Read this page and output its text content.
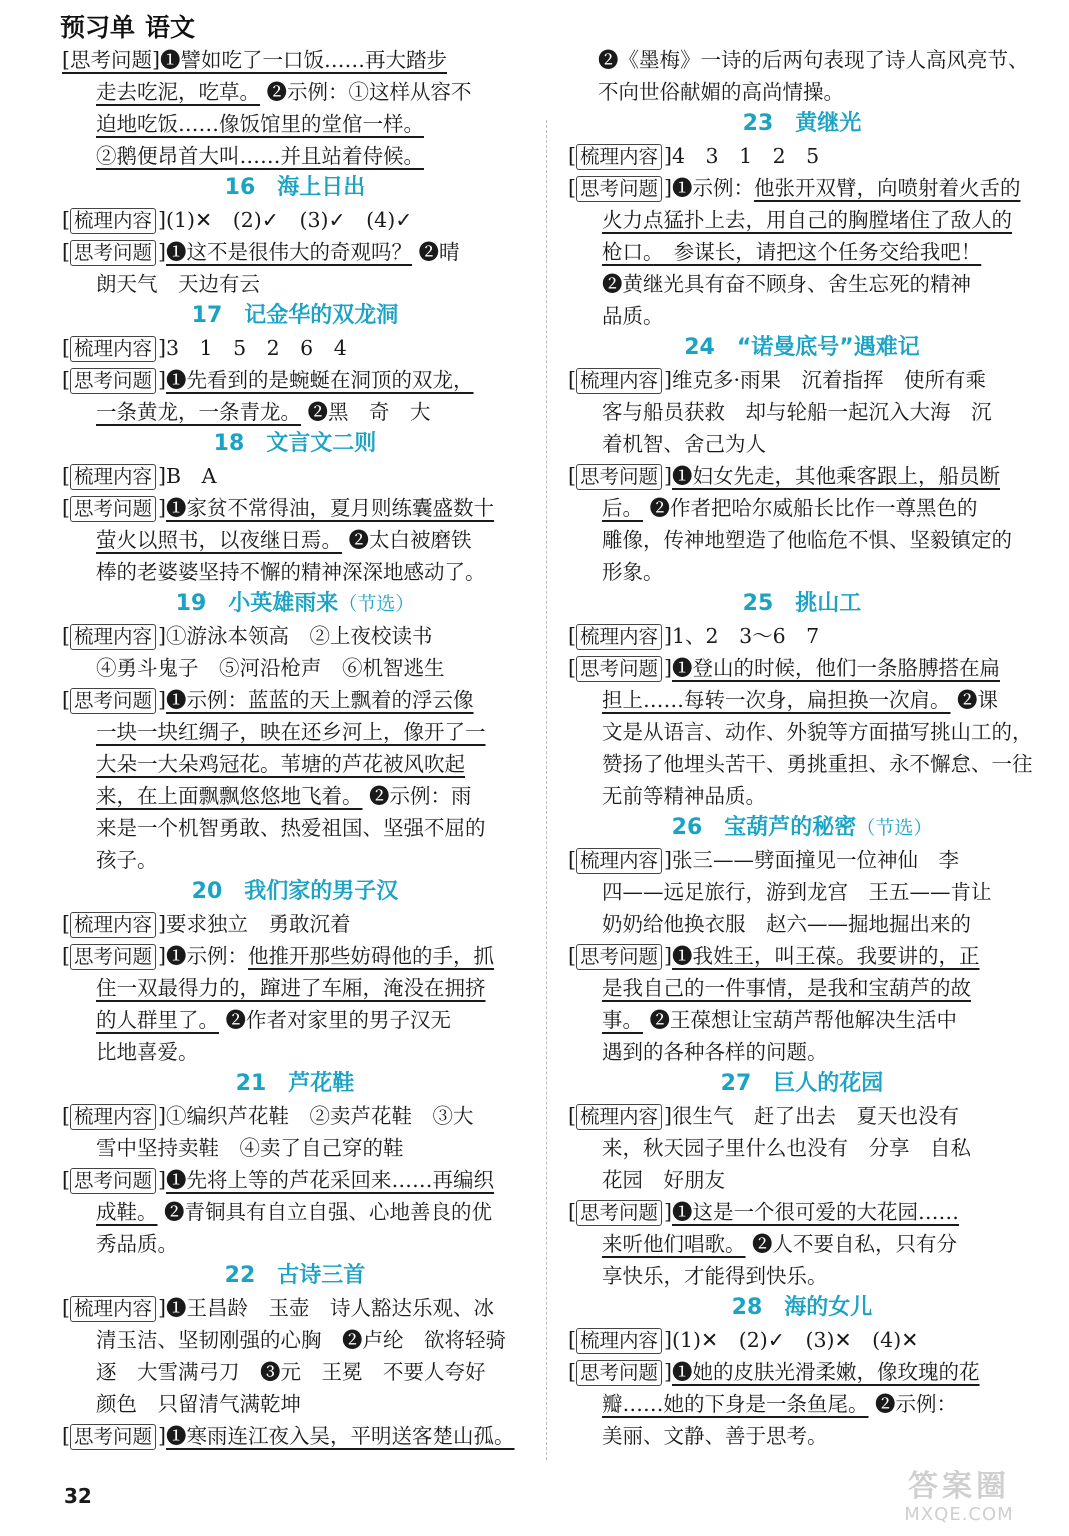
预习单 语文
[思考问题]❶譬如吃了一口饭……再大踏步

走去吃泥，吃草。 ❷示例：①这样从容不
迫地吃饭……像饭馆里的堂倌一样。
②鹅便昂首大叫……并且站着侍候。
16 海上日出
[ 梳理内容 ](1)✕　(2)✓　(3)✓　(4)✓
[ 思考问题 ]❶这不是很伟大的奇观吗？ ❷晴
朗天气　天边有云
17 记金华的双龙洞
[ 梳理内容 ]3　1　5　2　6　4
[ 思考问题 ]❶先看到的是蜿蜒在洞顶的双龙，
一条黄龙，一条青龙。 ❷黑　奇　大
18 文言文二则
[ 梳理内容 ]B　A
[ 思考问题 ]❶家贫不常得油，夏月则练囊盛数十
萤火以照书，以夜继日焉。 ❷太白被磨铁
棒的老婆婆坚持不懈的精神深深地感动了。
19 小英雄雨来（节选）
[ 梳理内容 ]①游泳本领高　②上夜校读书
④勇斗鬼子　⑤河沿枪声　⑥机智逃生
[ 思考问题 ]❶示例：蓝蓝的天上飘着的浮云像
一块一块红绸子，映在还乡河上，像开了一
大朵一大朵鸡冠花。苇塘的芦花被风吹起
来，在上面飘飘悠悠地飞着。 ❷示例：雨
来是一个机智勇敢、热爱祖国、坚强不屈的
孩子。
20 我们家的男子汉
[ 梳理内容 ]要求独立　勇敢沉着
[ 思考问题 ]❶示例：他推开那些妨碍他的手，抓
住一双最得力的，蹿进了车厢，淹没在拥挤
的人群里了。 ❷作者对家里的男子汉无
比地喜爱。
21 芦花鞋
[ 梳理内容 ]①编织芦花鞋　②卖芦花鞋　③大
雪中坚持卖鞋　④卖了自己穿的鞋
[ 思考问题 ]❶先将上等的芦花采回来……再编织
成鞋。 ❷青铜具有自立自强、心地善良的优
秀品质。
22 古诗三首
[ 梳理内容 ]❶王昌龄　玉壶　诗人豁达乐观、冰
清玉洁、坚韧刚强的心胸　❷卢纶　欲将轻骑
逐　大雪满弓刀　❸元　王冕　不要人夸好
颜色　只留清气满乾坤
[ 思考问题 ]❶寒雨连江夜入吴，平明送客楚山孤。
❷《墨梅》一诗的后两句表现了诗人高风亮节、
不向世俗献媚的高尚情操。
23 黄继光
[ 梳理内容 ]4　3　1　2　5
[ 思考问题 ]❶示例：他张开双臂，向喷射着火舌的
火力点猛扑上去，用自己的胸膛堵住了敌人的
枪口。　参谋长，请把这个任务交给我吧！
❷黄继光具有奋不顾身、舍生忘死的精神
品质。
24 “诺曼底号”遇难记
[ 梳理内容 ]维克多·雨果　沉着指挥　使所有乘
客与船员获救　却与轮船一起沉入大海　沉
着机智、舍己为人
[ 思考问题 ]❶妇女先走，其他乘客跟上，船员断
后。 ❷作者把哈尔威船长比作一尊黑色的
雕像，传神地塑造了他临危不惧、坚毅镇定的
形象。
25 挑山工
[ 梳理内容 ]1、2　3～6　7
[ 思考问题 ]❶登山的时候，他们一条胳膊搭在扁
担上……每转一次身，扁担换一次肩。 ❷课
文是从语言、动作、外貌等方面描写挑山工的，
赞扬了他埋头苦干、勇挑重担、永不懈怠、一往
无前等精神品质。
26 宝葫芦的秘密（节选）
[ 梳理内容 ]张三——劈面撞见一位神仙　李
四——远足旅行，游到龙宫　王五——肯让
奶奶给他换衣服　赵六——掘地掘出来的
[ 思考问题 ]❶我姓王，叫王葆。我要讲的，正
是我自己的一件事情，是我和宝葫芦的故
事。 ❷王葆想让宝葫芦帮他解决生活中
遇到的各种各样的问题。
27 巨人的花园
[ 梳理内容 ]很生气　赶了出去　夏天也没有
来，秋天园子里什么也没有　分享　自私
花园　好朋友
[ 思考问题 ]❶这是一个很可爱的大花园……
来听他们唱歌。 ❷人不要自私，只有分
享快乐，才能得到快乐。
28 海的女儿
[ 梳理内容 ](1)✕　(2)✓　(3)✕　(4)✕
[ 思考问题 ]❶她的皮肤光滑柔嫩，像玫瑰的花
瓣……她的下身是一条鱼尾。 ❷示例：
美丽、文静、善于思考。
32	答案圈
MXQE.COM
